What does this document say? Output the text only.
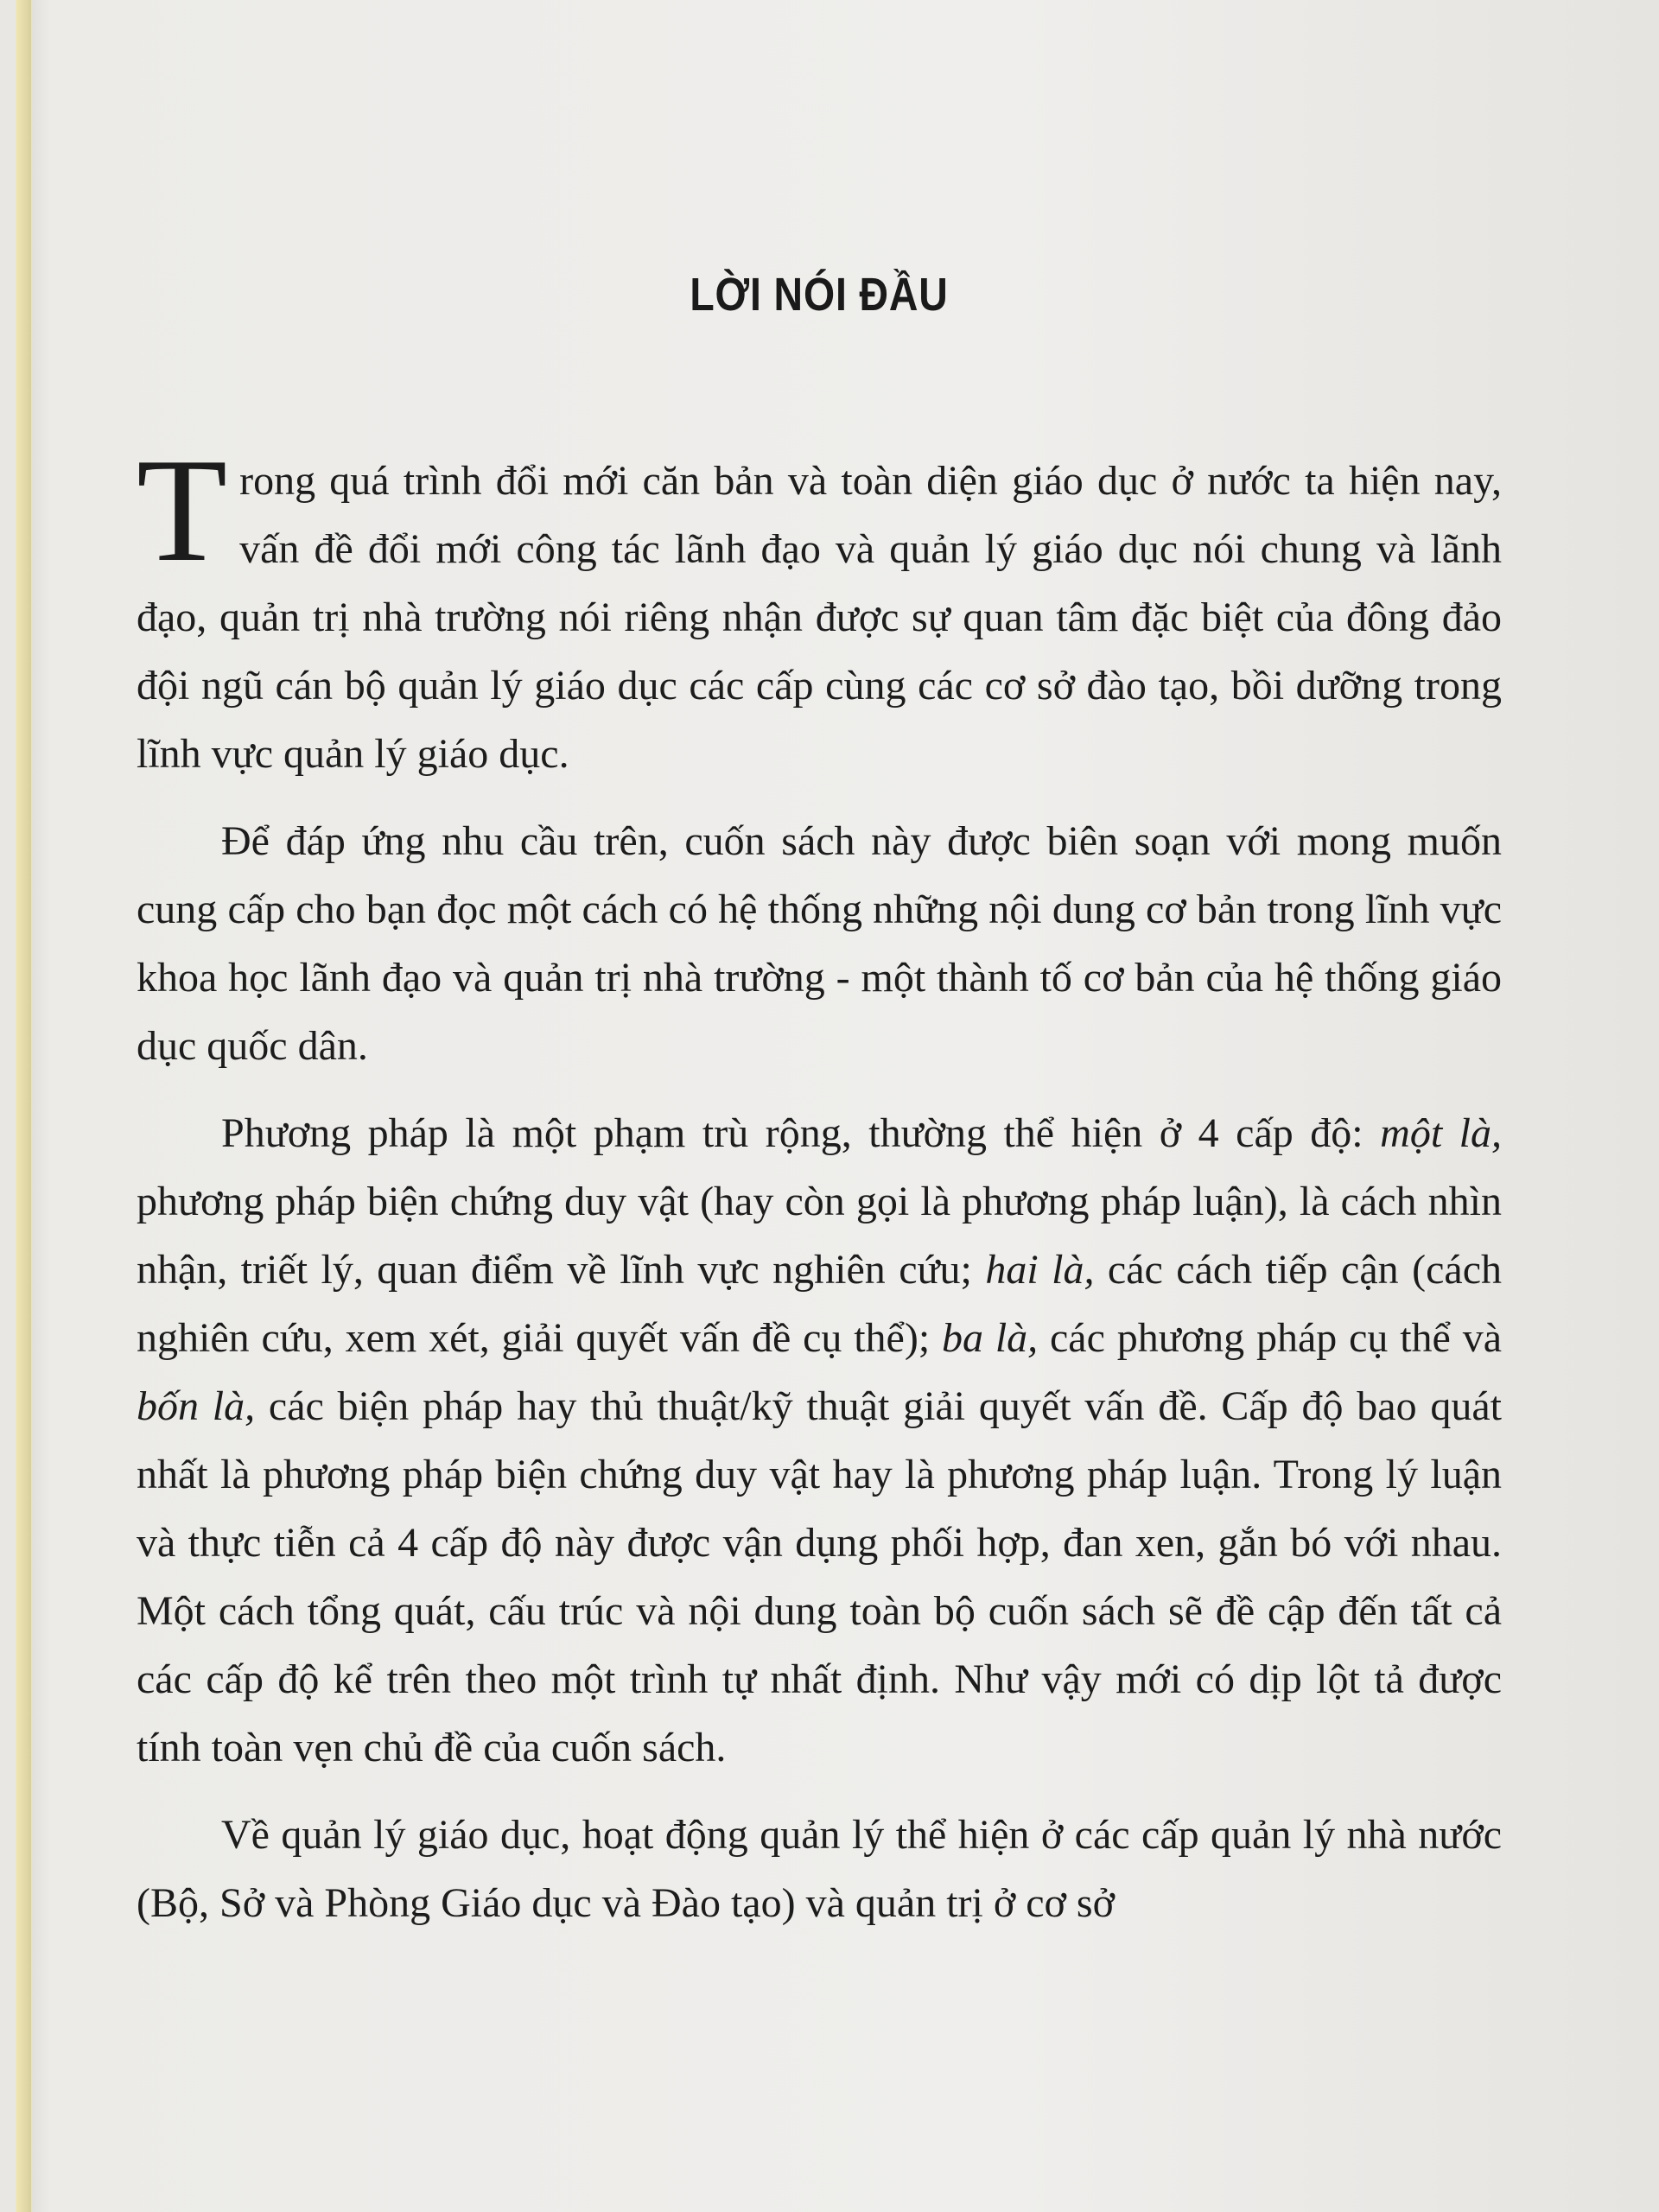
LỜI NÓI ĐẦU

Trong quá trình đổi mới căn bản và toàn diện giáo dục ở nước ta hiện nay, vấn đề đổi mới công tác lãnh đạo và quản lý giáo dục nói chung và lãnh đạo, quản trị nhà trường nói riêng nhận được sự quan tâm đặc biệt của đông đảo đội ngũ cán bộ quản lý giáo dục các cấp cùng các cơ sở đào tạo, bồi dưỡng trong lĩnh vực quản lý giáo dục.

Để đáp ứng nhu cầu trên, cuốn sách này được biên soạn với mong muốn cung cấp cho bạn đọc một cách có hệ thống những nội dung cơ bản trong lĩnh vực khoa học lãnh đạo và quản trị nhà trường - một thành tố cơ bản của hệ thống giáo dục quốc dân.

Phương pháp là một phạm trù rộng, thường thể hiện ở 4 cấp độ: một là, phương pháp biện chứng duy vật (hay còn gọi là phương pháp luận), là cách nhìn nhận, triết lý, quan điểm về lĩnh vực nghiên cứu; hai là, các cách tiếp cận (cách nghiên cứu, xem xét, giải quyết vấn đề cụ thể); ba là, các phương pháp cụ thể và bốn là, các biện pháp hay thủ thuật/kỹ thuật giải quyết vấn đề. Cấp độ bao quát nhất là phương pháp biện chứng duy vật hay là phương pháp luận. Trong lý luận và thực tiễn cả 4 cấp độ này được vận dụng phối hợp, đan xen, gắn bó với nhau. Một cách tổng quát, cấu trúc và nội dung toàn bộ cuốn sách sẽ đề cập đến tất cả các cấp độ kể trên theo một trình tự nhất định. Như vậy mới có dịp lột tả được tính toàn vẹn chủ đề của cuốn sách.

Về quản lý giáo dục, hoạt động quản lý thể hiện ở các cấp quản lý nhà nước (Bộ, Sở và Phòng Giáo dục và Đào tạo) và quản trị ở cơ sở
